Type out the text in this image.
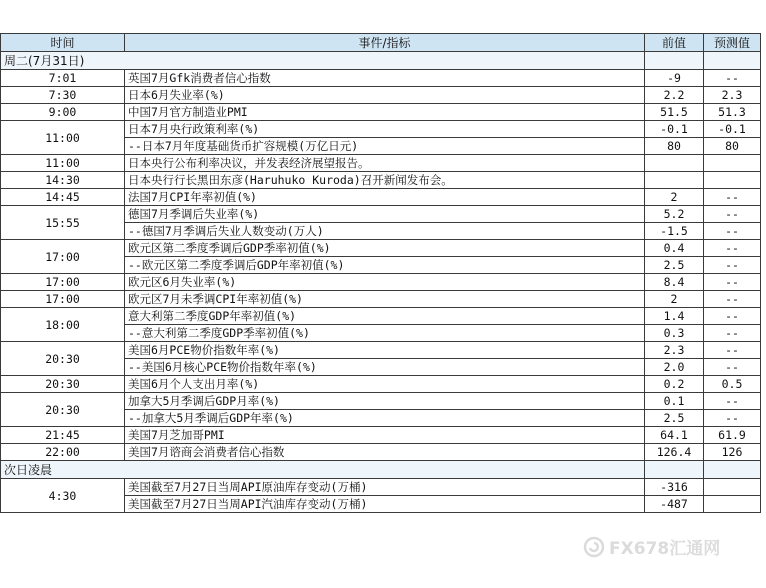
时间	事件/指标	前值	预测值
周二(7月31日)			
7:01	英国7月Gfk消费者信心指数	-9	--
7:30	日本6月失业率(%)	2.2	2.3
9:00	中国7月官方制造业PMI	51.5	51.3
11:00	日本7月央行政策利率(%)	-0.1	-0.1
	--日本7月年度基础货币扩容规模(万亿日元)	80	80
11:00	日本央行公布利率决议，并发表经济展望报告。		
14:30	日本央行行长黑田东彦(Haruhuko Kuroda)召开新闻发布会。		
14:45	法国7月CPI年率初值(%)	2	--
15:55	德国7月季调后失业率(%)	5.2	--
	--德国7月季调后失业人数变动(万人)	-1.5	--
17:00	欧元区第二季度季调后GDP季率初值(%)	0.4	--
	--欧元区第二季度季调后GDP年率初值(%)	2.5	--
17:00	欧元区6月失业率(%)	8.4	--
17:00	欧元区7月未季调CPI年率初值(%)	2	--
18:00	意大利第二季度GDP年率初值(%)	1.4	--
	--意大利第二季度GDP季率初值(%)	0.3	--
20:30	美国6月PCE物价指数年率(%)	2.3	--
	--美国6月核心PCE物价指数年率(%)	2.0	--
20:30	美国6月个人支出月率(%)	0.2	0.5
20:30	加拿大5月季调后GDP月率(%)	0.1	--
	--加拿大5月季调后GDP年率(%)	2.5	--
21:45	美国7月芝加哥PMI	64.1	61.9
22:00	美国7月谘商会消费者信心指数	126.4	126
次日凌晨			
4:30	美国截至7月27日当周API原油库存变动(万桶)	-316	
	美国截至7月27日当周API汽油库存变动(万桶)	-487	
FX678汇通网
